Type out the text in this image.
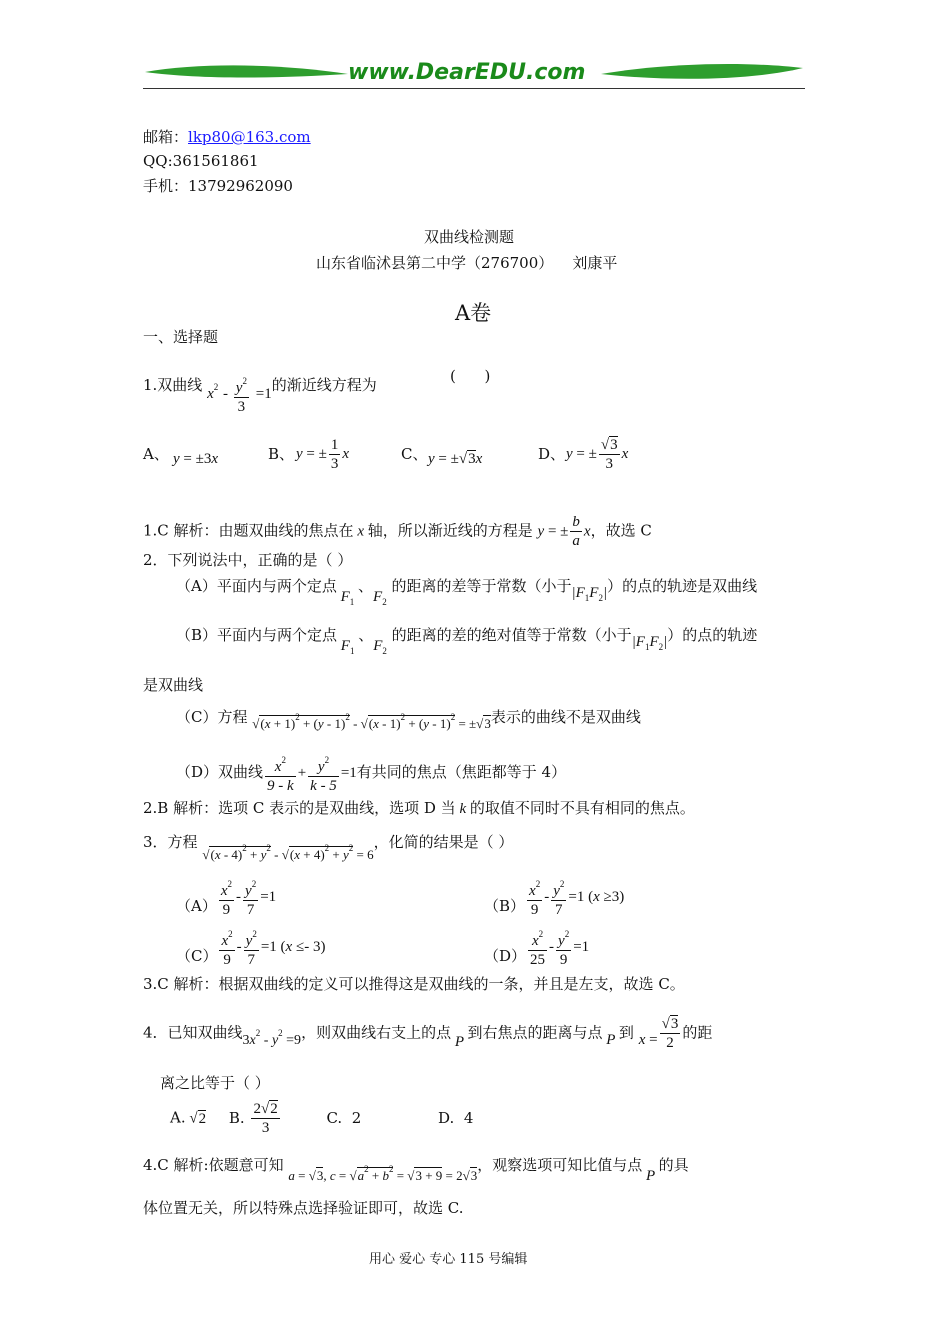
www.DearEDU.com
邮箱：lkp80@163.com
QQ:361561861
手机：13792962090
双曲线检测题
山东省临沭县第二中学（276700）    刘康平
A卷
一、选择题
1.双曲线 $x^2 - \frac{y^2}{3} =1$的渐近线方程为	(      )
A、 y = ±3x	B、 y = ± $\frac{1}{3}$ x	C、 y = ±√3x	D、 y = ± $\frac{√3}{3}$ x
1.C 解析：由题双曲线的焦点在 x 轴，所以渐近线的方程是 y = ± $\frac{b}{a}$ x，故选 C
2．下列说法中，正确的是（ ）
（A）平面内与两个定点 $F_1$ 、$F_2$ 的距离的差等于常数（小于$|F_1F_2|$）的点的轨迹是双曲线
（B）平面内与两个定点 $F_1$ 、$F_2$ 的距离的差的绝对值等于常数（小于$|F_1F_2|$）的点的轨迹
是双曲线
（C）方程 $√(x + 1)^2 + (y - 1)^2 - √(x - 1)^2 + (y - 1)^2 = \pm√3$表示的曲线不是双曲线
（D）双曲线 $\frac{x^2}{9 - k} + \frac{y^2}{k - 5} =1$有共同的焦点（焦距都等于 4）
2.B 解析：选项 C 表示的是双曲线，选项 D 当 k 的取值不同时不具有相同的焦点。
3．方程 $√(x - 4)^2 + y^2 - √(x + 4)^2 + y^2 = 6$，化简的结果是（ ）
$(A) \frac{x^2}{9} - \frac{y^2}{7} =1$	$(B) \frac{x^2}{9} - \frac{y^2}{7} =1$ (x ≥3)
$(C) \frac{x^2}{9} - \frac{y^2}{7} =1$ (x ≤- 3)	$(D) \frac{x^2}{25} - \frac{y^2}{9} =1$
3.C 解析：根据双曲线的定义可以推得这是双曲线的一条，并且是左支，故选 C。
4．已知双曲线$3x^2 - y^2 =9$，则双曲线右支上的点 P 到右焦点的距离与点 P 到 $x = \frac{√3}{2}$ 的距
离之比等于（ ）
A. √2 B. $\frac{2√2}{3}$	C.  2	D.  4
4.C 解析:依题意可知 a = √3, $c = √a^2 + b^2 = √3 + 9 = 2√3$，观察选项可知比值与点 P 的具
体位置无关，所以特殊点选择验证即可，故选 C.
用心 爱心 专心 115 号编辑
